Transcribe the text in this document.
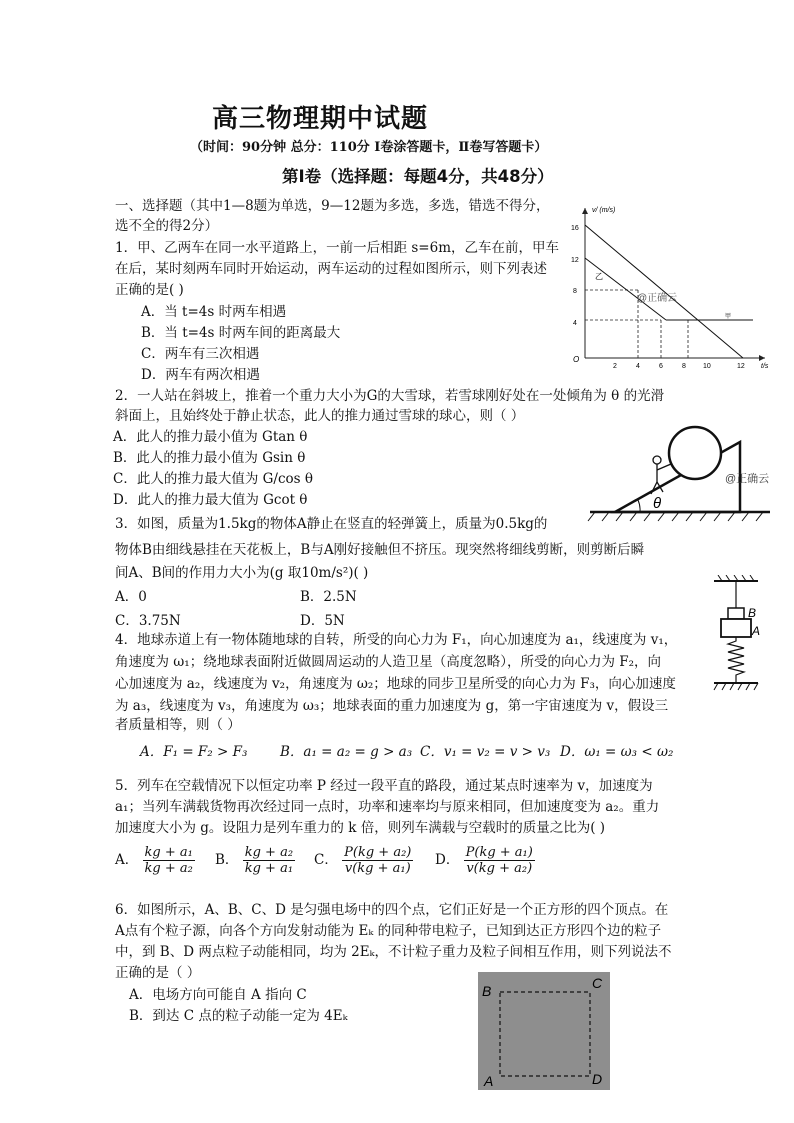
高三物理期中试题
（时间：90分钟 总分：110分 Ⅰ卷涂答题卡，Ⅱ卷写答题卡）
第Ⅰ卷（选择题：每题4分，共48分）
一、选择题（其中1—8题为单选，9—12题为多选，多选，错选不得分，
选不全的得2分）
1．甲、乙两车在同一水平道路上，一前一后相距 s=6m，乙车在前，甲车
在后，某时刻两车同时开始运动，两车运动的过程如图所示，则下列表述
正确的是( )
A．当 t=4s 时两车相遇
B．当 t=4s 时两车间的距离最大
C．两车有三次相遇
D．两车有两次相遇
v/ (m/s)
t/s
O
4
8
12
16
2	4	6	8 10	12
乙
甲
@正确云
2．一人站在斜坡上，推着一个重力大小为G的大雪球，若雪球刚好处在一处倾角为 θ 的光滑
斜面上，且始终处于静止状态，此人的推力通过雪球的球心，则（ ）
A．此人的推力最小值为 Gtan θ
B．此人的推力最小值为 Gsin θ
C．此人的推力最大值为 G/cos θ
D．此人的推力最大值为 Gcot θ	θ
@正确云
3．如图，质量为1.5kg的物体A静止在竖直的轻弹簧上，质量为0.5kg的
物体B由细线悬挂在天花板上，B与A刚好接触但不挤压。现突然将细线剪断，则剪断后瞬
间A、B间的作用力大小为(g 取10m/s²)( )
A．0	B．2.5N
C．3.75N	D．5N	B
A
4．地球赤道上有一物体随地球的自转，所受的向心力为 F₁，向心加速度为 a₁，线速度为 v₁，
角速度为 ω₁；绕地球表面附近做圆周运动的人造卫星（高度忽略），所受的向心力为 F₂，向
心加速度为 a₂，线速度为 v₂，角速度为 ω₂；地球的同步卫星所受的向心力为 F₃，向心加速度
为 a₃，线速度为 v₃，角速度为 ω₃；地球表面的重力加速度为 g，第一宇宙速度为 v，假设三
者质量相等，则（ ）
A．F₁ = F₂ > F₃ B．a₁ = a₂ = g > a₃ C．v₁ = v₂ = v > v₃ D．ω₁ = ω₃ < ω₂
5．列车在空载情况下以恒定功率 P 经过一段平直的路段，通过某点时速率为 v，加速度为
a₁；当列车满载货物再次经过同一点时，功率和速率均与原来相同，但加速度变为 a₂。重力
加速度大小为 g。设阻力是列车重力的 k 倍，则列车满载与空载时的质量之比为( )
A． $\frac{\text{kg + a₁}}{\text{kg + a₂}}$ B． $\frac{\text{kg + a₂}}{\text{kg + a₁}}$ C． $\frac{\text{P(kg + a₂)}}{\text{v(kg + a₁)}}$ D． $\frac{\text{P(kg + a₁)}}{\text{v(kg + a₂)}}$
6．如图所示，A、B、C、D 是匀强电场中的四个点，它们正好是一个正方形的四个顶点。在
A点有个粒子源，向各个方向发射动能为 Eₖ 的同种带电粒子，已知到达正方形四个边的粒子
中，到 B、D 两点粒子动能相同，均为 2Eₖ，不计粒子重力及粒子间相互作用，则下列说法不
正确的是（ ）
A．电场方向可能自 A 指向 C
B．到达 C 点的粒子动能一定为 4Eₖ
B	C
A	D
